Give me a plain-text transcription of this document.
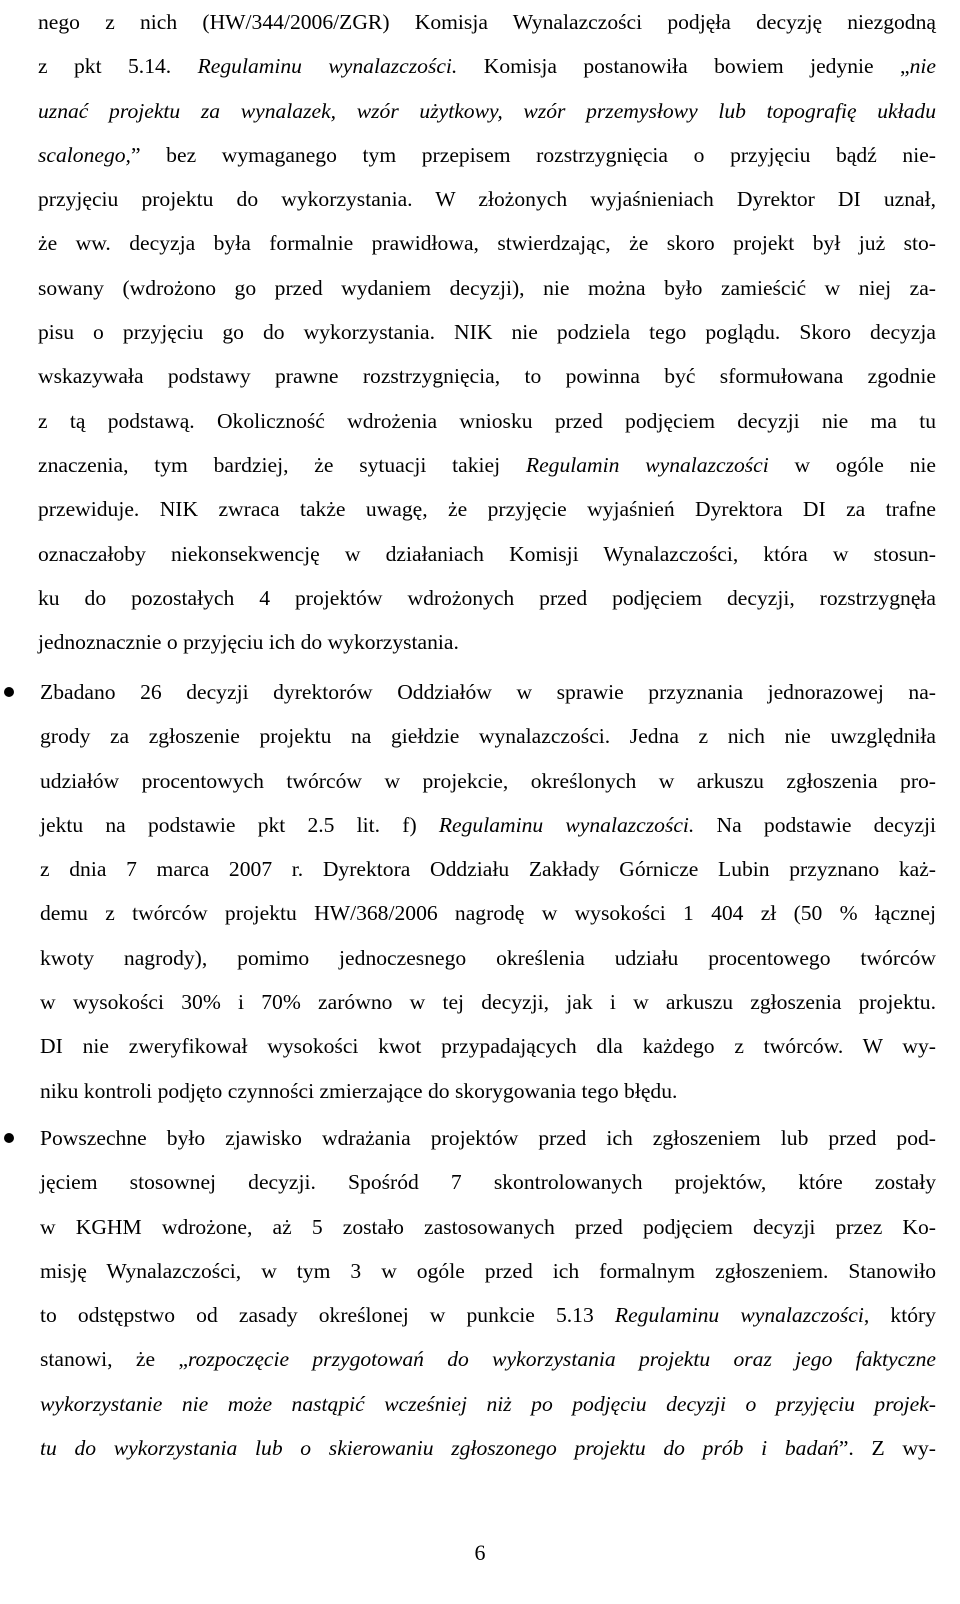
nego z nich (HW/344/2006/ZGR) Komisja Wynalazczości podjęła decyzję niezgodną
z pkt 5.14. Regulaminu wynalazczości. Komisja postanowiła bowiem jedynie „nie
uznać projektu za wynalazek, wzór użytkowy, wzór przemysłowy lub topografię układu
scalonego,” bez wymaganego tym przepisem rozstrzygnięcia o przyjęciu bądź nie-
przyjęciu projektu do wykorzystania. W złożonych wyjaśnieniach Dyrektor DI uznał,
że ww. decyzja była formalnie prawidłowa, stwierdzając, że skoro projekt był już sto-
sowany (wdrożono go przed wydaniem decyzji), nie można było zamieścić w niej za-
pisu o przyjęciu go do wykorzystania. NIK nie podziela tego poglądu. Skoro decyzja
wskazywała podstawy prawne rozstrzygnięcia, to powinna być sformułowana zgodnie
z tą podstawą. Okoliczność wdrożenia wniosku przed podjęciem decyzji nie ma tu
znaczenia, tym bardziej, że sytuacji takiej Regulamin wynalazczości w ogóle nie
przewiduje. NIK zwraca także uwagę, że przyjęcie wyjaśnień Dyrektora DI za trafne
oznaczałoby niekonsekwencję w działaniach Komisji Wynalazczości, która w stosun-
ku do pozostałych 4 projektów wdrożonych przed podjęciem decyzji, rozstrzygnęła
jednoznacznie o przyjęciu ich do wykorzystania.
Zbadano 26 decyzji dyrektorów Oddziałów w sprawie przyznania jednorazowej na-
grody za zgłoszenie projektu na giełdzie wynalazczości. Jedna z nich nie uwzględniła
udziałów procentowych twórców w projekcie, określonych w arkuszu zgłoszenia pro-
jektu na podstawie pkt 2.5 lit. f) Regulaminu wynalazczości. Na podstawie decyzji
z dnia 7 marca 2007 r. Dyrektora Oddziału Zakłady Górnicze Lubin przyznano każ-
demu z twórców projektu HW/368/2006 nagrodę w wysokości 1 404 zł (50 % łącznej
kwoty nagrody), pomimo jednoczesnego określenia udziału procentowego twórców
w wysokości 30% i 70% zarówno w tej decyzji, jak i w arkuszu zgłoszenia projektu.
DI nie zweryfikował wysokości kwot przypadających dla każdego z twórców. W wy-
niku kontroli podjęto czynności zmierzające do skorygowania tego błędu.
Powszechne było zjawisko wdrażania projektów przed ich zgłoszeniem lub przed pod-
jęciem stosownej decyzji. Spośród 7 skontrolowanych projektów, które zostały
w KGHM wdrożone, aż 5 zostało zastosowanych przed podjęciem decyzji przez Ko-
misję Wynalazczości, w tym 3 w ogóle przed ich formalnym zgłoszeniem. Stanowiło
to odstępstwo od zasady określonej w punkcie 5.13 Regulaminu wynalazczości, który
stanowi, że „rozpoczęcie przygotowań do wykorzystania projektu oraz jego faktyczne
wykorzystanie nie może nastąpić wcześniej niż po podjęciu decyzji o przyjęciu projek-
tu do wykorzystania lub o skierowaniu zgłoszonego projektu do prób i badań”. Z wy-
6
